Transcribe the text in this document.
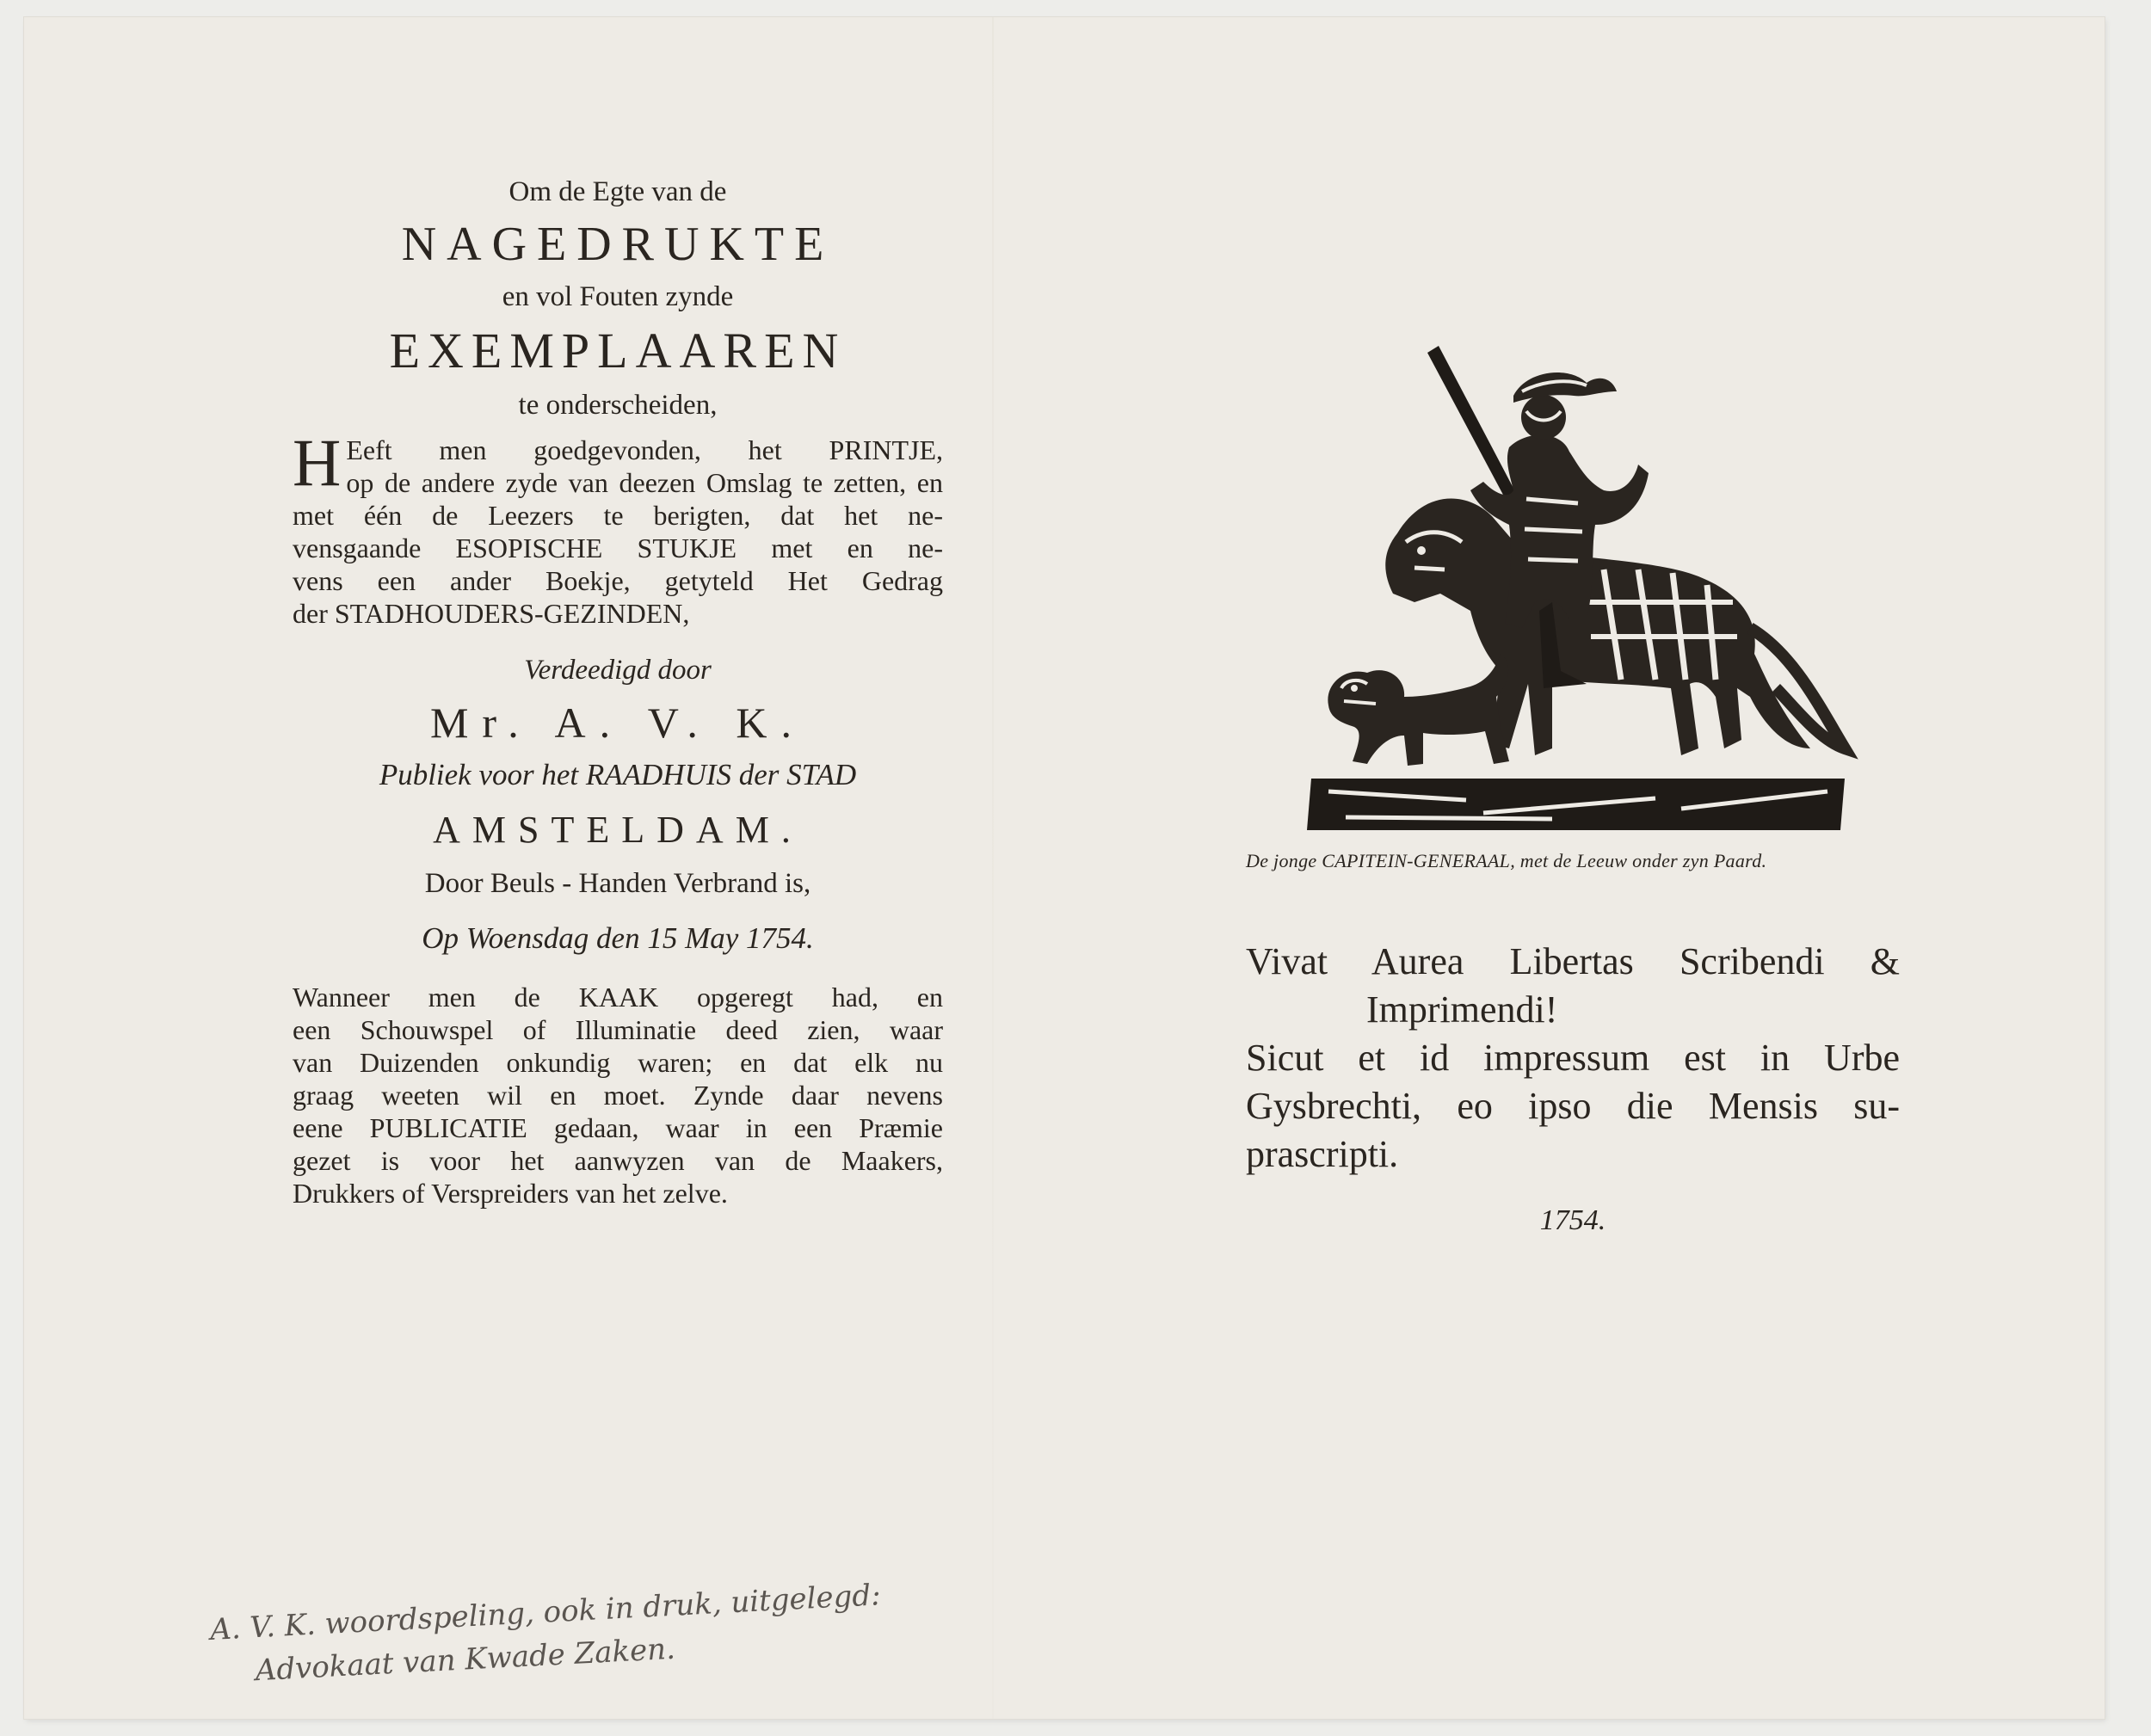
Om de Egte van de
NAGEDRUKTE
en vol Fouten zynde
EXEMPLAAREN
te onderscheiden,
H Eeft men goedgevonden, het PRINTJE,
op de andere zyde van deezen Omslag te zetten, en
met één de Leezers te berigten, dat het ne-
vensgaande ESOPISCHE STUKJE met en ne-
vens een ander Boekje, getyteld Het Gedrag
der STADHOUDERS-GEZINDEN,
Verdeedigd door
Mr. A. V. K.
Publiek voor het RAADHUIS der STAD
AMSTELDAM.
Door Beuls - Handen Verbrand is,
Op Woensdag den 15 May 1754.
Wanneer men de KAAK opgeregt had, en
een Schouwspel of Illuminatie deed zien, waar
van Duizenden onkundig waren; en dat elk nu
graag weeten wil en moet. Zynde daar nevens
eene PUBLICATIE gedaan, waar in een Præmie
gezet is voor het aanwyzen van de Maakers,
Drukkers of Verspreiders van het zelve.
De jonge CAPITEIN-GENERAAL, met de Leeuw onder zyn Paard.
Vivat Aurea Libertas Scribendi &
Imprimendi!
Sicut et id impressum est in Urbe
Gysbrechti, eo ipso die Mensis su-
prascripti.
1754.
A. V. K. woordspeling, ook in druk, uitgelegd:
Advokaat van Kwade Zaken.
